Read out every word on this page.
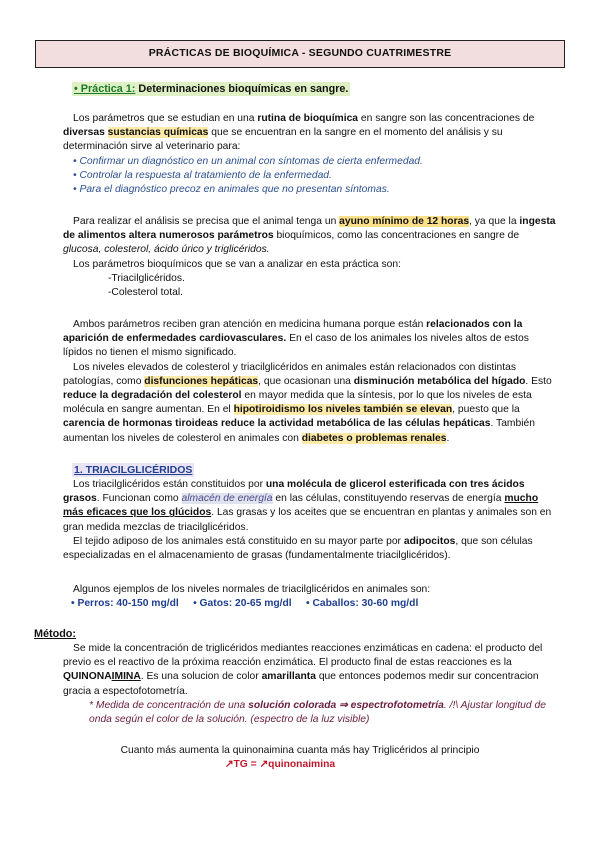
PRÁCTICAS DE BIOQUÍMICA - SEGUNDO CUATRIMESTRE
• Práctica 1: Determinaciones bioquímicas en sangre.

Los parámetros que se estudian en una rutina de bioquímica en sangre son las concentraciones de diversas sustancias químicas que se encuentran en la sangre en el momento del análisis y su determinación sirve al veterinario para:

• Confirmar un diagnóstico en un animal con síntomas de cierta enfermedad.
• Controlar la respuesta al tratamiento de la enfermedad.
• Para el diagnóstico precoz en animales que no presentan síntomas.

Para realizar el análisis se precisa que el animal tenga un ayuno mínimo de 12 horas, ya que la ingesta de alimentos altera numerosos parámetros bioquímicos, como las concentraciones en sangre de glucosa, colesterol, ácido úrico y triglicéridos.

Los parámetros bioquímicos que se van a analizar en esta práctica son:

-Triacilglicéridos.
-Colesterol total.

Ambos parámetros reciben gran atención en medicina humana porque están relacionados con la aparición de enfermedades cardiovasculares. En el caso de los animales los niveles altos de estos lípidos no tienen el mismo significado.

Los niveles elevados de colesterol y triacilglicéridos en animales están relacionados con distintas patologías, como disfunciones hepáticas, que ocasionan una disminución metabólica del hígado. Esto reduce la degradación del colesterol en mayor medida que la síntesis, por lo que los niveles de esta molécula en sangre aumentan. En el hipotiroidismo los niveles también se elevan, puesto que la carencia de hormonas tiroideas reduce la actividad metabólica de las células hepáticas. También aumentan los niveles de colesterol en animales con diabetes o problemas renales.

1. TRIACILGLICÉRIDOS

Los triacilglicéridos están constituidos por una molécula de glicerol esterificada con tres ácidos grasos. Funcionan como almacén de energía en las células, constituyendo reservas de energía mucho más eficaces que los glúcidos. Las grasas y los aceites que se encuentran en plantas y animales son en gran medida mezclas de triacilglicéridos.

El tejido adiposo de los animales está constituido en su mayor parte por adipocitos, que son células especializadas en el almacenamiento de grasas (fundamentalmente triacilglicéridos).

Algunos ejemplos de los niveles normales de triacilglicéridos en animales son:

• Perros: 40-150 mg/dl • Gatos: 20-65 mg/dl • Caballos: 30-60 mg/dl

Método:

Se mide la concentración de triglicéridos mediantes reacciones enzimáticas en cadena: el producto del previo es el reactivo de la próxima reacción enzimática. El producto final de estas reacciones es la QUINONAIMINA. Es una solucion de color amarillanta que entonces podemos medir sur concentracion gracia a espectofotometría.

* Medida de concentración de una solución colorada ⇒ espectrofotometría. /!\ Ajustar longitud de onda según el color de la solución. (espectro de la luz visible)

Cuanto más aumenta la quinonaimina cuanta más hay Triglicéridos al principio
↗TG = ↗quinonaimina
